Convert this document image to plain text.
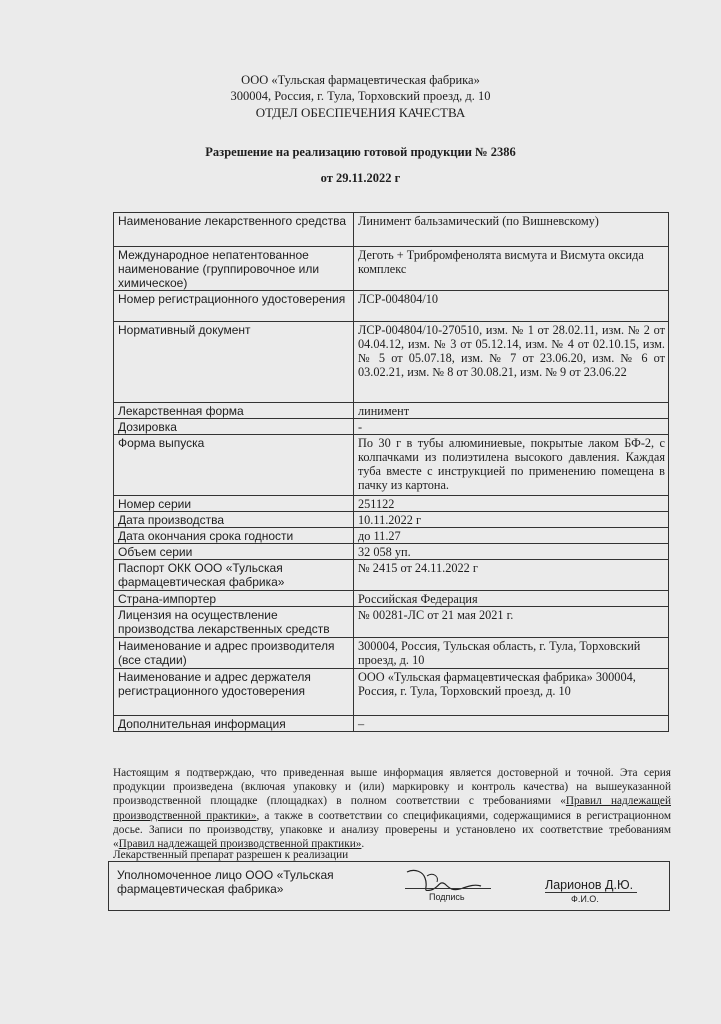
ООО «Тульская фармацевтическая фабрика»
300004, Россия, г. Тула, Торховский проезд, д. 10
ОТДЕЛ ОБЕСПЕЧЕНИЯ КАЧЕСТВА
Разрешение на реализацию готовой продукции № 2386
от 29.11.2022 г
Наименование лекарственного средства	Линимент бальзамический (по Вишневскому)
Международное непатентованное наименование (группировочное или химическое)	Деготь + Трибромфенолята висмута и Висмута оксида комплекс
Номер регистрационного удостоверения	ЛСР-004804/10
Нормативный документ	ЛСР-004804/10-270510, изм. № 1 от 28.02.11, изм. № 2 от 04.04.12, изм. № 3 от 05.12.14, изм. № 4 от 02.10.15, изм. № 5 от 05.07.18, изм. № 7 от 23.06.20, изм. № 6 от 03.02.21, изм. № 8 от 30.08.21, изм. № 9 от 23.06.22
Лекарственная форма	линимент
Дозировка	-
Форма выпуска	По 30 г в тубы алюминиевые, покрытые лаком БФ-2, с колпачками из полиэтилена высокого давления. Каждая туба вместе с инструкцией по применению помещена в пачку из картона.
Номер серии	251122
Дата производства	10.11.2022 г
Дата окончания срока годности	до 11.27
Объем серии	32 058 уп.
Паспорт ОКК ООО «Тульская фармацевтическая фабрика»	№ 2415 от 24.11.2022 г
Страна-импортер	Российская Федерация
Лицензия на осуществление производства лекарственных средств	№ 00281-ЛС от 21 мая 2021 г.
Наименование и адрес производителя (все стадии)	300004, Россия, Тульская область, г. Тула, Торховский проезд, д. 10
Наименование и адрес держателя регистрационного удостоверения	ООО «Тульская фармацевтическая фабрика» 300004, Россия, г. Тула, Торховский проезд, д. 10
Дополнительная информация	–
Настоящим я подтверждаю, что приведенная выше информация является достоверной и точной. Эта серия продукции произведена (включая упаковку и (или) маркировку и контроль качества) на вышеуказанной производственной площадке (площадках) в полном соответствии с требованиями «Правил надлежащей производственной практики», а также в соответствии со спецификациями, содержащимися в регистрационном досье. Записи по производству, упаковке и анализу проверены и установлено их соответствие требованиям «Правил надлежащей производственной практики».
Лекарственный препарат разрешен к реализации
Уполномоченное лицо ООО «Тульская фармацевтическая фабрика»
Подпись
Ларионов Д.Ю.
Ф.И.О.
